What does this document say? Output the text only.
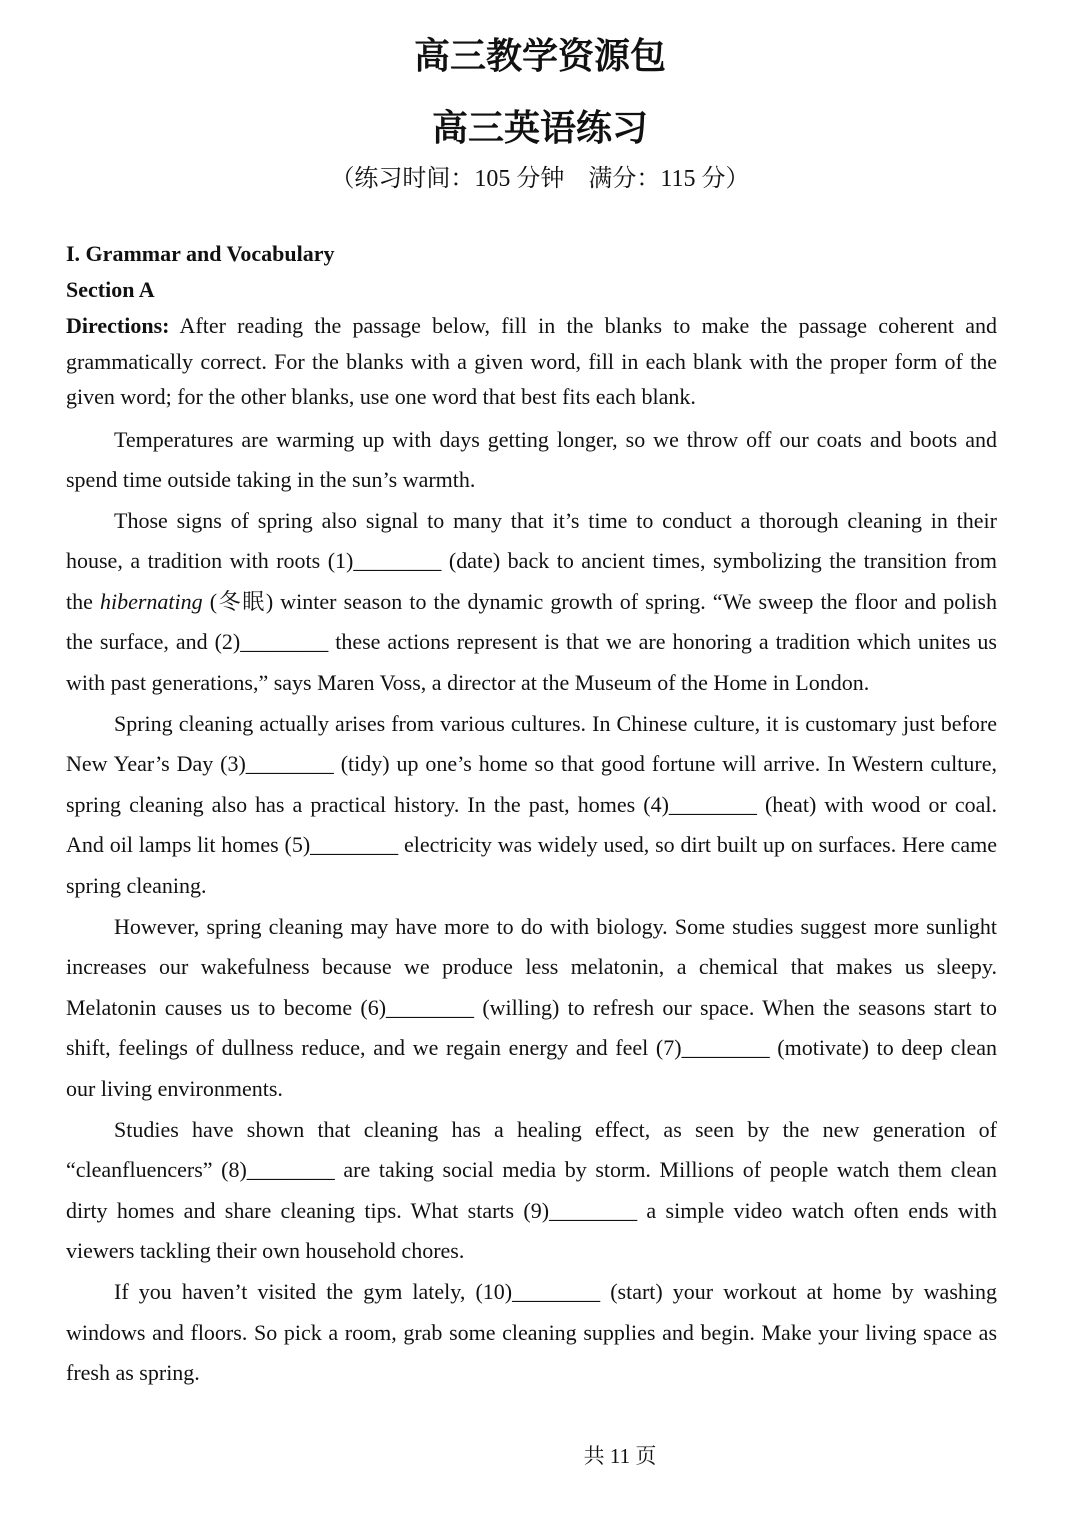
高三教学资源包
高三英语练习
（练习时间：105 分钟　满分：115 分）
I. Grammar and Vocabulary
Section A
Directions: After reading the passage below, fill in the blanks to make the passage coherent and grammatically correct. For the blanks with a given word, fill in each blank with the proper form of the given word; for the other blanks, use one word that best fits each blank.

Temperatures are warming up with days getting longer, so we throw off our coats and boots and spend time outside taking in the sun’s warmth.

Those signs of spring also signal to many that it’s time to conduct a thorough cleaning in their house, a tradition with roots (1)________ (date) back to ancient times, symbolizing the transition from the hibernating (冬眠) winter season to the dynamic growth of spring. “We sweep the floor and polish the surface, and (2)________ these actions represent is that we are honoring a tradition which unites us with past generations,” says Maren Voss, a director at the Museum of the Home in London.

Spring cleaning actually arises from various cultures. In Chinese culture, it is customary just before New Year’s Day (3)________ (tidy) up one’s home so that good fortune will arrive. In Western culture, spring cleaning also has a practical history. In the past, homes (4)________ (heat) with wood or coal. And oil lamps lit homes (5)________ electricity was widely used, so dirt built up on surfaces. Here came spring cleaning.

However, spring cleaning may have more to do with biology. Some studies suggest more sunlight increases our wakefulness because we produce less melatonin, a chemical that makes us sleepy. Melatonin causes us to become (6)________ (willing) to refresh our space. When the seasons start to shift, feelings of dullness reduce, and we regain energy and feel (7)________ (motivate) to deep clean our living environments.

Studies have shown that cleaning has a healing effect, as seen by the new generation of “cleanfluencers” (8)________ are taking social media by storm. Millions of people watch them clean dirty homes and share cleaning tips. What starts (9)________ a simple video watch often ends with viewers tackling their own household chores.

If you haven’t visited the gym lately, (10)________ (start) your workout at home by washing windows and floors. So pick a room, grab some cleaning supplies and begin. Make your living space as fresh as spring.

共 11 页
